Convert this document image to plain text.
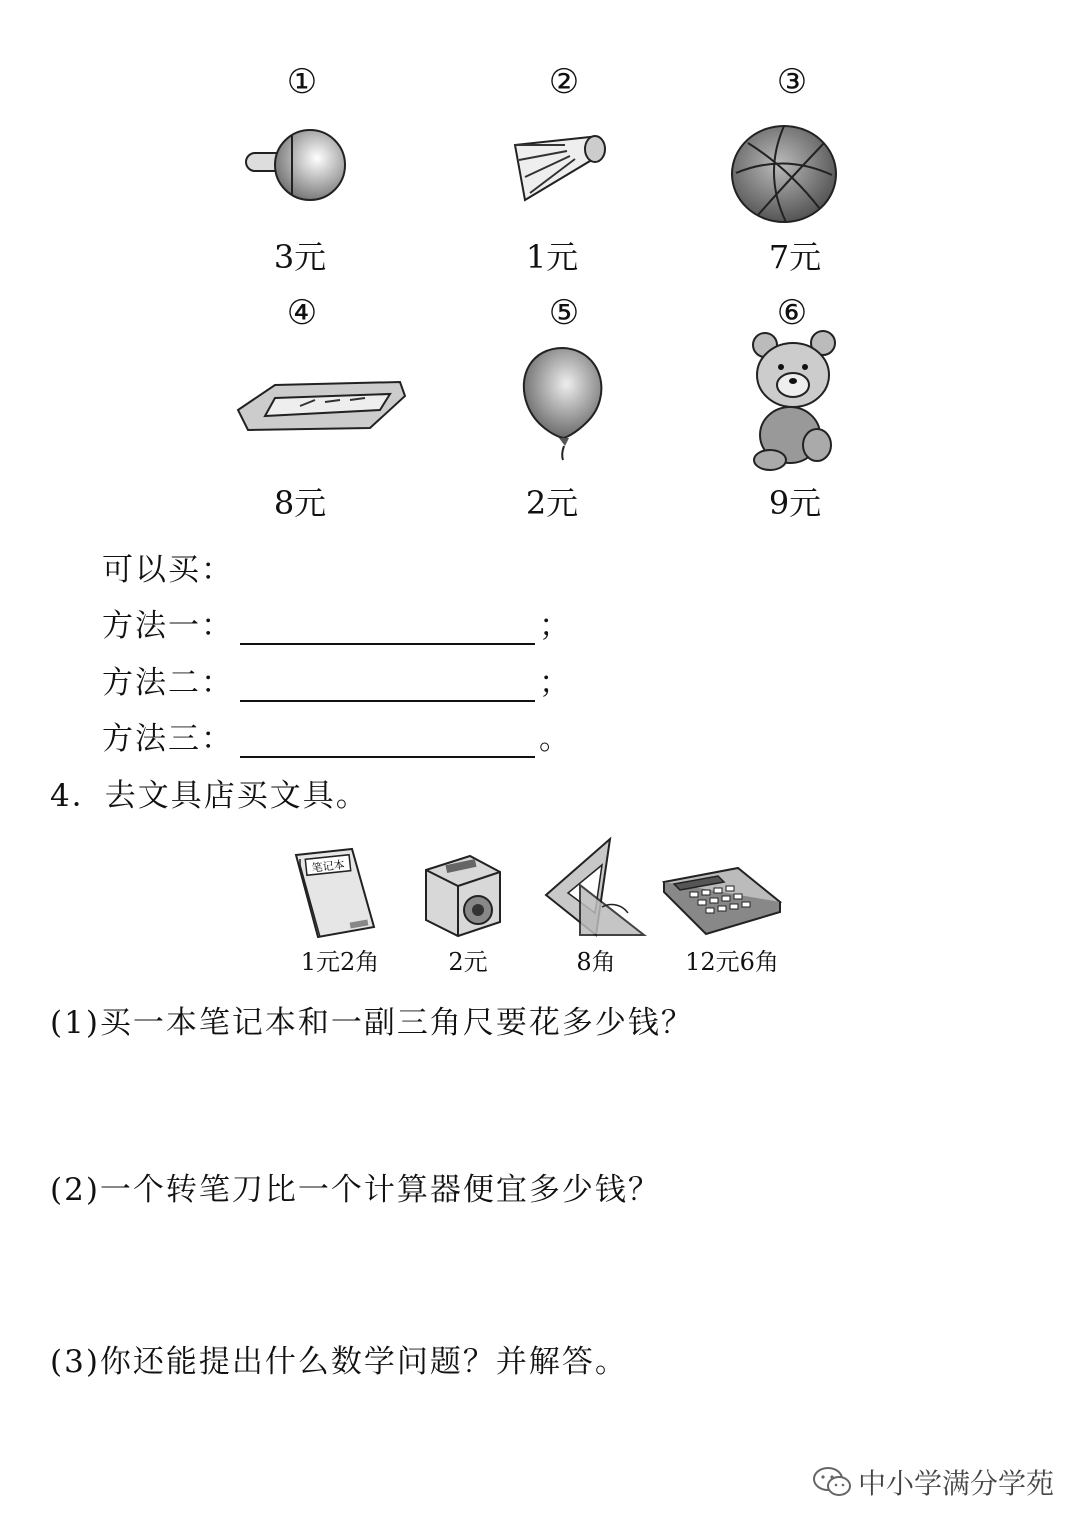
①	②	③
3元	1元	7元
④	⑤	⑥
8元	2元	9元
可以买：
方法一：	；
方法二：	；
方法三：	。
4．去文具店买文具。
笔记本
1元2角	2元	8角	12元6角
(1)买一本笔记本和一副三角尺要花多少钱？
(2)一个转笔刀比一个计算器便宜多少钱？
(3)你还能提出什么数学问题？并解答。
中小学满分学苑
